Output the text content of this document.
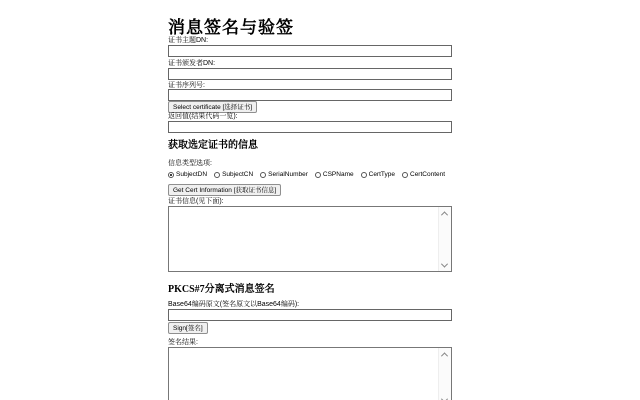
消息签名与验签
证书主题DN:
证书颁发者DN:
证书序列号:
Select certificate [选择证书]
返回值(结果代码一览):
获取选定证书的信息
信息类型选项:
SubjectDN SubjectCN SerialNumber CSPName CertType CertContent
Get Cert Information [获取证书信息]
证书信息(见下面):
PKCS#7分离式消息签名
Base64编码原文(签名原文以Base64编码):
Sign[签名]
签名结果:
